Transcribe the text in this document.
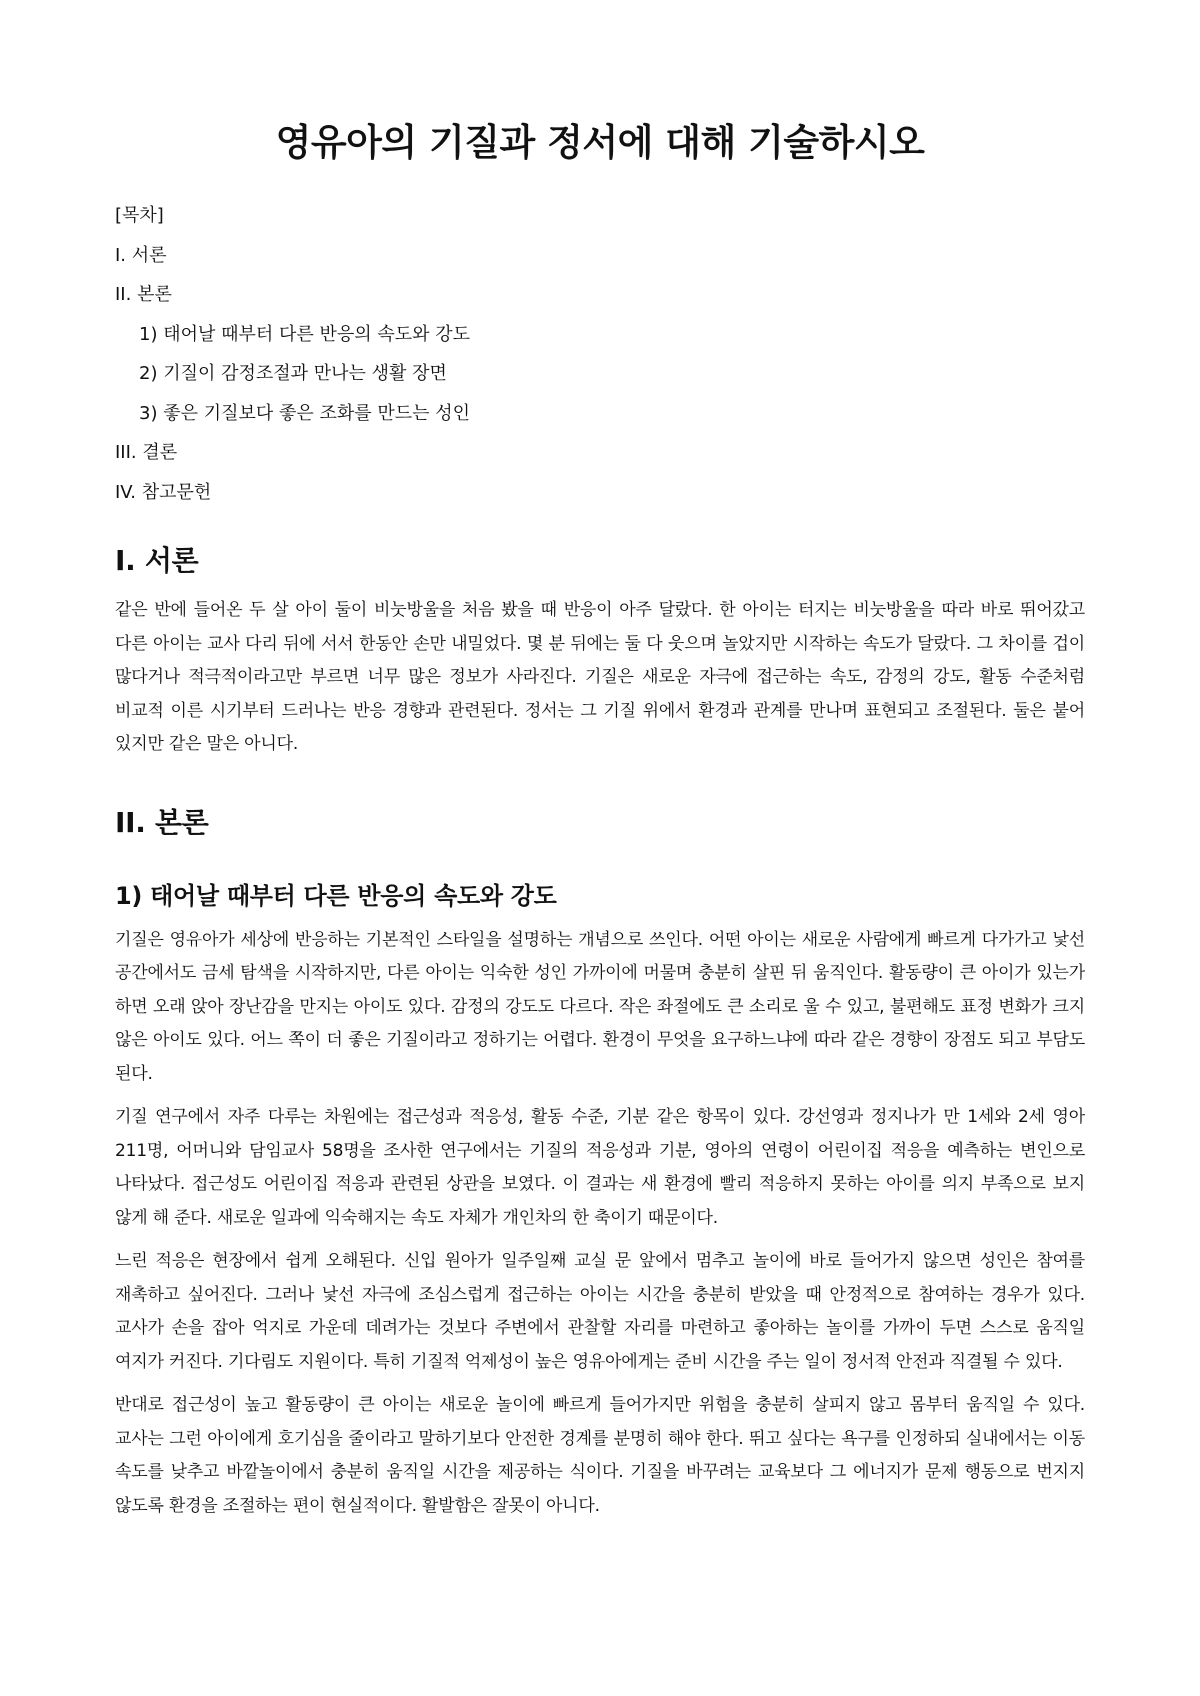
영유아의 기질과 정서에 대해 기술하시오
[목차]
I. 서론
II. 본론
1) 태어날 때부터 다른 반응의 속도와 강도
2) 기질이 감정조절과 만나는 생활 장면
3) 좋은 기질보다 좋은 조화를 만드는 성인
III. 결론
IV. 참고문헌
I. 서론

같은 반에 들어온 두 살 아이 둘이 비눗방울을 처음 봤을 때 반응이 아주 달랐다. 한 아이는 터지는 비눗방울을 따라 바로 뛰어갔고 다른 아이는 교사 다리 뒤에 서서 한동안 손만 내밀었다. 몇 분 뒤에는 둘 다 웃으며 놀았지만 시작하는 속도가 달랐다. 그 차이를 겁이 많다거나 적극적이라고만 부르면 너무 많은 정보가 사라진다. 기질은 새로운 자극에 접근하는 속도, 감정의 강도, 활동 수준처럼 비교적 이른 시기부터 드러나는 반응 경향과 관련된다. 정서는 그 기질 위에서 환경과 관계를 만나며 표현되고 조절된다. 둘은 붙어 있지만 같은 말은 아니다.

II. 본론
1) 태어날 때부터 다른 반응의 속도와 강도

기질은 영유아가 세상에 반응하는 기본적인 스타일을 설명하는 개념으로 쓰인다. 어떤 아이는 새로운 사람에게 빠르게 다가가고 낯선 공간에서도 금세 탐색을 시작하지만, 다른 아이는 익숙한 성인 가까이에 머물며 충분히 살핀 뒤 움직인다. 활동량이 큰 아이가 있는가 하면 오래 앉아 장난감을 만지는 아이도 있다. 감정의 강도도 다르다. 작은 좌절에도 큰 소리로 울 수 있고, 불편해도 표정 변화가 크지 않은 아이도 있다. 어느 쪽이 더 좋은 기질이라고 정하기는 어렵다. 환경이 무엇을 요구하느냐에 따라 같은 경향이 장점도 되고 부담도 된다.

기질 연구에서 자주 다루는 차원에는 접근성과 적응성, 활동 수준, 기분 같은 항목이 있다. 강선영과 정지나가 만 1세와 2세 영아 211명, 어머니와 담임교사 58명을 조사한 연구에서는 기질의 적응성과 기분, 영아의 연령이 어린이집 적응을 예측하는 변인으로 나타났다. 접근성도 어린이집 적응과 관련된 상관을 보였다. 이 결과는 새 환경에 빨리 적응하지 못하는 아이를 의지 부족으로 보지 않게 해 준다. 새로운 일과에 익숙해지는 속도 자체가 개인차의 한 축이기 때문이다.

느린 적응은 현장에서 쉽게 오해된다. 신입 원아가 일주일째 교실 문 앞에서 멈추고 놀이에 바로 들어가지 않으면 성인은 참여를 재촉하고 싶어진다. 그러나 낯선 자극에 조심스럽게 접근하는 아이는 시간을 충분히 받았을 때 안정적으로 참여하는 경우가 있다. 교사가 손을 잡아 억지로 가운데 데려가는 것보다 주변에서 관찰할 자리를 마련하고 좋아하는 놀이를 가까이 두면 스스로 움직일 여지가 커진다. 기다림도 지원이다. 특히 기질적 억제성이 높은 영유아에게는 준비 시간을 주는 일이 정서적 안전과 직결될 수 있다.

반대로 접근성이 높고 활동량이 큰 아이는 새로운 놀이에 빠르게 들어가지만 위험을 충분히 살피지 않고 몸부터 움직일 수 있다. 교사는 그런 아이에게 호기심을 줄이라고 말하기보다 안전한 경계를 분명히 해야 한다. 뛰고 싶다는 욕구를 인정하되 실내에서는 이동 속도를 낮추고 바깥놀이에서 충분히 움직일 시간을 제공하는 식이다. 기질을 바꾸려는 교육보다 그 에너지가 문제 행동으로 번지지 않도록 환경을 조절하는 편이 현실적이다. 활발함은 잘못이 아니다.
